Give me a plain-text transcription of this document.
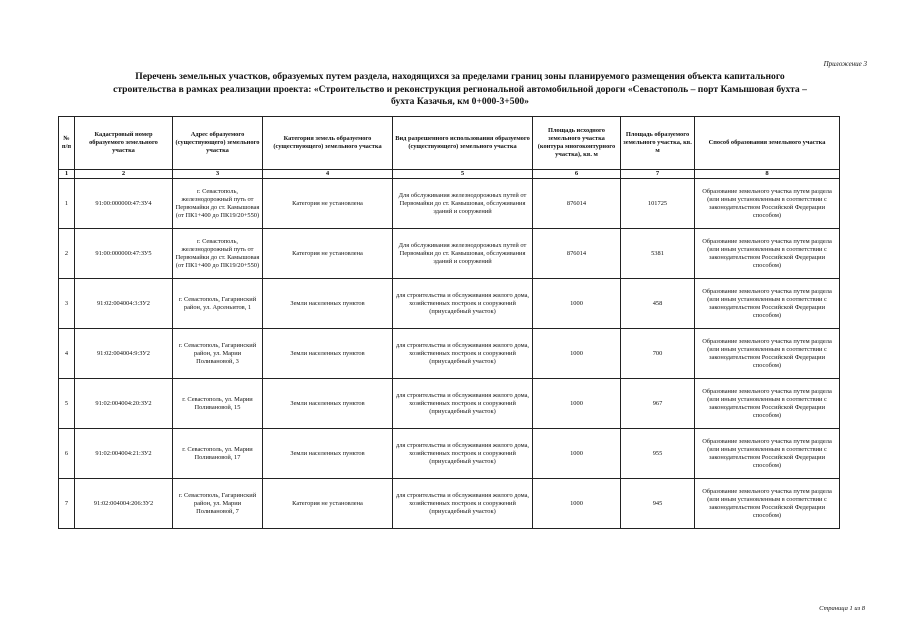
Приложение 3
Перечень земельных участков, образуемых путем раздела, находящихся за пределами границ зоны планируемого размещения объекта капитального
строительства в рамках реализации проекта: «Строительство и реконструкция региональной автомобильной дороги «Севастополь – порт Камышовая бухта –
бухта Казачья, км 0+000-3+500»
№ п/п	Кадастровый номер образуемого земельного участка	Адрес образуемого (существующего) земельного участка	Категория земель образуемого (существующего) земельного участка	Вид разрешенного использования образуемого (существующего) земельного участка	Площадь исходного земельного участка (контура многоконтурного участка), кв. м	Площадь образуемого земельного участка, кв. м	Способ образования земельного участка
1	2	3	4	5	6	7	8
1	91:00:000000:47:ЗУ4	г. Севастополь, железнодорожный путь от Первомайки до ст. Камышовая (от ПК1+400 до ПК19/20+550)	Категория не установлена	Для обслуживания железнодорожных путей от Первомайки до ст. Камышовая, обслуживания зданий и сооружений	876014	101725	Образование земельного участка путем раздела (или иным установленным в соответствии с законодательством Российской Федерации способом)
2	91:00:000000:47:ЗУ5	г. Севастополь, железнодорожный путь от Первомайки до ст. Камышовая (от ПК1+400 до ПК19/20+550)	Категория не установлена	Для обслуживания железнодорожных путей от Первомайки до ст. Камышовая, обслуживания зданий и сооружений	876014	5381	Образование земельного участка путем раздела (или иным установленным в соответствии с законодательством Российской Федерации способом)
3	91:02:004004:3:ЗУ2	г. Севастополь, Гагаринский район, ул. Арсеньитов, 1	Земли населенных пунктов	для строительства и обслуживания жилого дома, хозяйственных построек и сооружений (приусадебный участок)	1000	458	Образование земельного участка путем раздела (или иным установленным в соответствии с законодательством Российской Федерации способом)
4	91:02:004004:9:ЗУ2	г. Севастополь, Гагаринский район, ул. Марии Поливановой, 3	Земли населенных пунктов	для строительства и обслуживания жилого дома, хозяйственных построек и сооружений (приусадебный участок)	1000	700	Образование земельного участка путем раздела (или иным установленным в соответствии с законодательством Российской Федерации способом)
5	91:02:004004:20:ЗУ2	г. Севастополь, ул. Марии Поливановой, 15	Земли населенных пунктов	для строительства и обслуживания жилого дома, хозяйственных построек и сооружений (приусадебный участок)	1000	967	Образование земельного участка путем раздела (или иным установленным в соответствии с законодательством Российской Федерации способом)
6	91:02:004004:21:ЗУ2	г. Севастополь, ул. Марии Поливановой, 17	Земли населенных пунктов	для строительства и обслуживания жилого дома, хозяйственных построек и сооружений (приусадебный участок)	1000	955	Образование земельного участка путем раздела (или иным установленным в соответствии с законодательством Российской Федерации способом)
7	91:02:004004:206:ЗУ2	г. Севастополь, Гагаринский район, ул. Марии Поливановой, 7	Категория не установлена	для строительства и обслуживания жилого дома, хозяйственных построек и сооружений (приусадебный участок)	1000	945	Образование земельного участка путем раздела (или иным установленным в соответствии с законодательством Российской Федерации способом)
Страница 1 из 8
